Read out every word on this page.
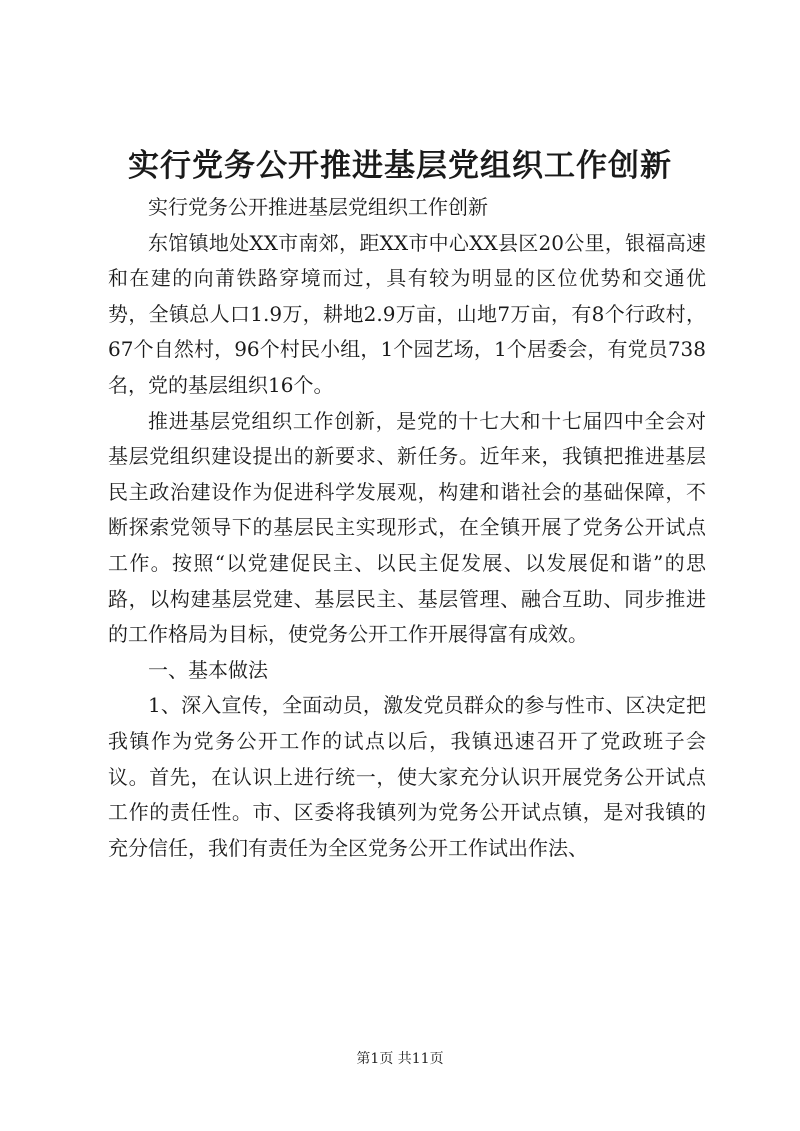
实行党务公开推进基层党组织工作创新

实行党务公开推进基层党组织工作创新

东馆镇地处XX市南郊，距XX市中心XX县区20公里，银福高速和在建的向莆铁路穿境而过，具有较为明显的区位优势和交通优势，全镇总人口1.9万，耕地2.9万亩，山地7万亩，有8个行政村，67个自然村，96个村民小组，1个园艺场，1个居委会，有党员738名，党的基层组织16个。

推进基层党组织工作创新，是党的十七大和十七届四中全会对基层党组织建设提出的新要求、新任务。近年来，我镇把推进基层民主政治建设作为促进科学发展观，构建和谐社会的基础保障，不断探索党领导下的基层民主实现形式，在全镇开展了党务公开试点工作。按照“以党建促民主、以民主促发展、以发展促和谐”的思路，以构建基层党建、基层民主、基层管理、融合互助、同步推进的工作格局为目标，使党务公开工作开展得富有成效。

一、基本做法

1、深入宣传，全面动员，激发党员群众的参与性市、区决定把我镇作为党务公开工作的试点以后，我镇迅速召开了党政班子会议。首先，在认识上进行统一，使大家充分认识开展党务公开试点工作的责任性。市、区委将我镇列为党务公开试点镇，是对我镇的充分信任，我们有责任为全区党务公开工作试出作法、

第1页 共11页
